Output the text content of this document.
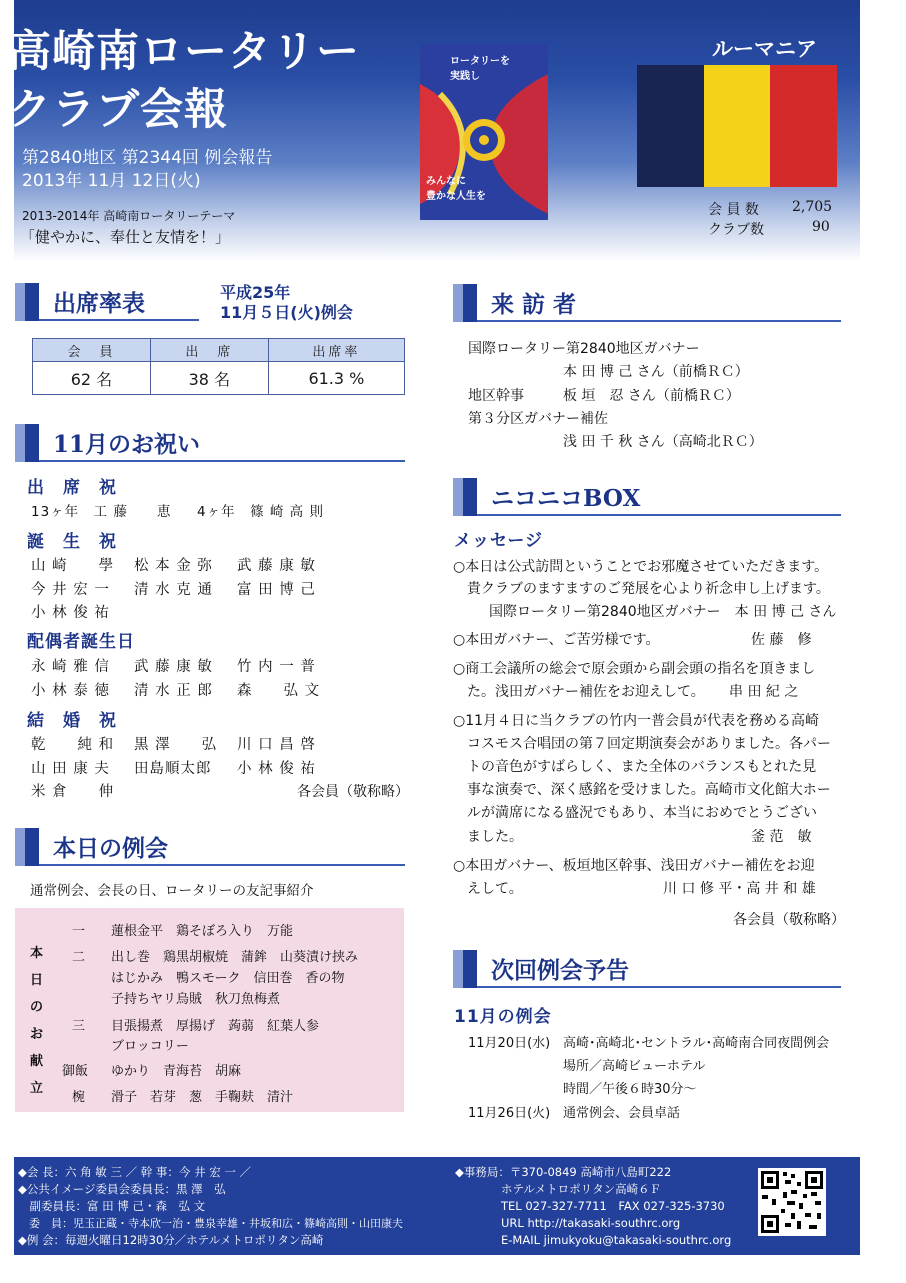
高崎南ロータリー
クラブ会報
第2840地区 第2344回 例会報告
2013年 11月 12日(火)
2013-2014年 高崎南ロータリーテーマ
「健やかに、奉仕と友情を！」
ロータリーを
実践し
みんなに
豊かな人生を
ルーマニア
会 員 数 2,705
クラブ数	90
出席率表	平成25年
11月５日(火)例会
会　員	出　席	出席率
62 名	38 名	61.3 %
11月のお祝い
出　席　祝
13ヶ年　工 藤　　恵 4ヶ年　篠 崎 高 則
誕　生　祝
山 崎　　學 松 本 金 弥 武 藤 康 敏
今 井 宏 一 清 水 克 通 富 田 博 己
小 林 俊 祐
配偶者誕生日
永 崎 雅 信 武 藤 康 敏 竹 内 一 普
小 林 泰 徳 清 水 正 郎 森　　弘 文
結　婚　祝
乾　　純 和 黒 澤　　弘 川 口 昌 啓
山 田 康 夫 田島順太郎 小 林 俊 祐
米 倉　　伸	各会員（敬称略）
本日の例会
通常例会、会長の日、ロータリーの友記事紹介
本
日
の
お
献
立
一 蓮根金平　鶏そぼろ入り　万能
二 出し巻　鶏黒胡椒焼　蒲鉾　山葵漬け挟み
はじかみ　鴨スモーク　信田巻　香の物
子持ちヤリ烏賊　秋刀魚梅煮
三 目張揚煮　厚揚げ　蒟蒻　紅葉人参
ブロッコリー
御飯 ゆかり　青海苔　胡麻
椀 滑子　若芽　葱　手鞠麸　清汁
来 訪 者
国際ロータリー第2840地区ガバナー
本 田 博 己 さん（前橋ＲＣ）
地区幹事	板 垣　忍 さん（前橋ＲＣ）
第３分区ガバナー補佐
浅 田 千 秋 さん（高崎北ＲＣ）
ニコニコBOX
メッセージ
○本日は公式訪問ということでお邪魔させていただきます。
　貴クラブのますますのご発展を心より祈念申し上げます。
国際ロータリー第2840地区ガバナー　本 田 博 己 さん
○本田ガバナー、ご苦労様です。	佐 藤　修
○商工会議所の総会で原会頭から副会頭の指名を頂きまし
　た。浅田ガバナー補佐をお迎えして。 串 田 紀 之
○11月４日に当クラブの竹内一普会員が代表を務める高崎
　コスモス合唱団の第７回定期演奏会がありました。各パー
　トの音色がすばらしく、また全体のバランスもとれた見
　事な演奏で、深く感銘を受けました。高崎市文化館大ホー
　ルが満席になる盛況でもあり、本当におめでとうござい
　ました。	釜 范　敏
○本田ガバナー、板垣地区幹事、浅田ガバナー補佐をお迎
　えして。	川 口 修 平・高 井 和 雄
各会員（敬称略）
次回例会予告
11月の例会
11月20日(水) 高崎･高崎北･セントラル･高崎南合同夜間例会
場所／高崎ビューホテル
時間／午後６時30分～
11月26日(火) 通常例会、会員卓話
◆会 長：六 角 敏 三 ／ 幹 事：今 井 宏 一 ／
◆公共イメージ委員会委員長：黒 澤　弘
　副委員長：富 田 博 己・森　弘 文
　委　員：児玉正蔵・寺本欣一治・豊泉幸雄・井坂和広・篠崎高則・山田康夫
◆例 会：毎週火曜日12時30分／ホテルメトロポリタン高崎
◆事務局：〒370-0849 高崎市八島町222
　　　　ホテルメトロポリタン高崎６Ｆ
　　　　TEL 027-327-7711　FAX 027-325-3730
　　　　URL http://takasaki-southrc.org
　　　　E-MAIL jimukyoku@takasaki-southrc.org
